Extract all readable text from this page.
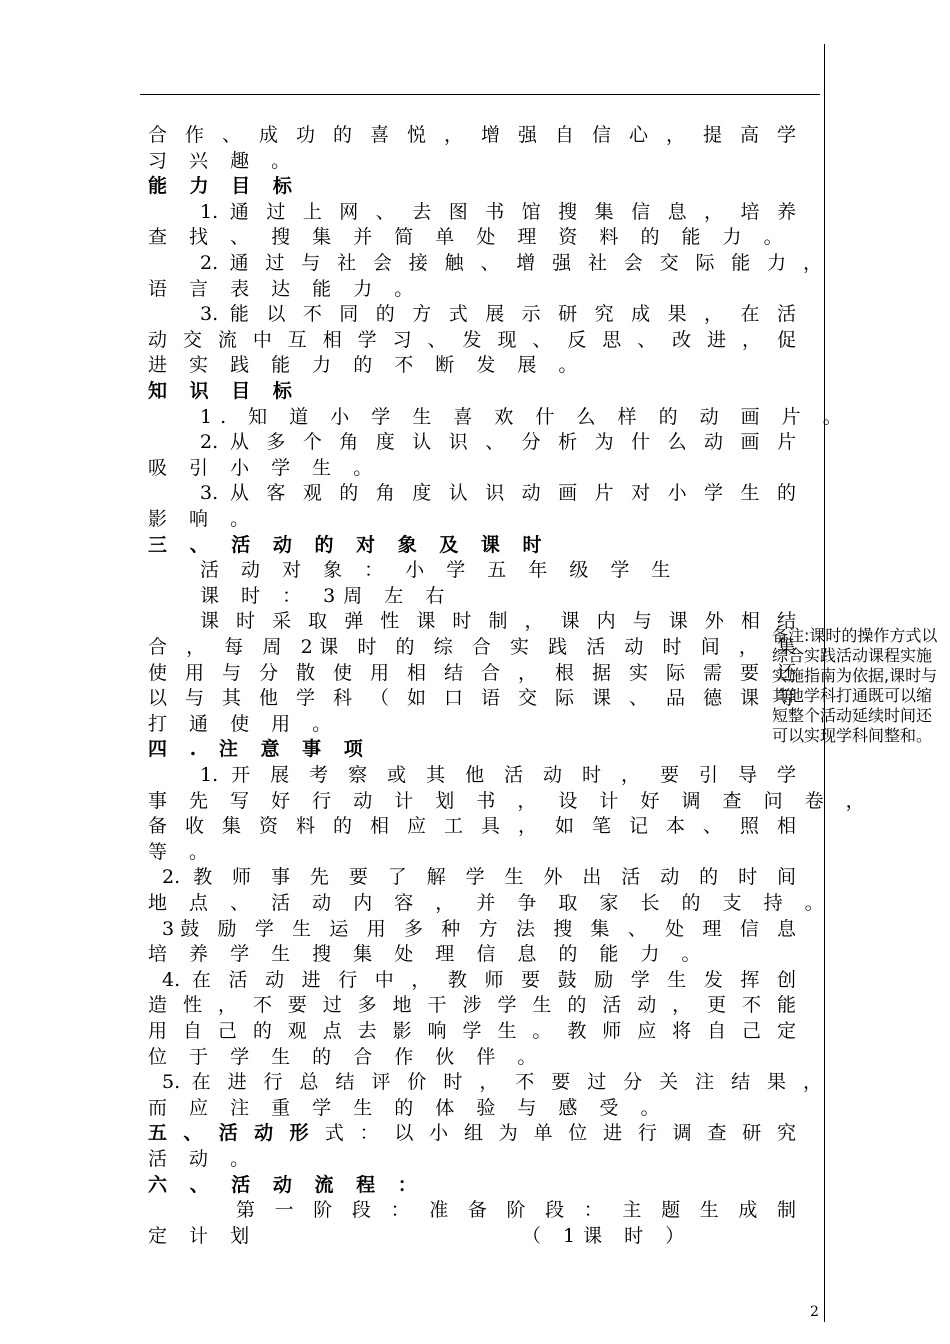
合 作 、 成 功 的 喜 悦 ， 增 强 自 信 心 ， 提 高 学
习 兴 趣 。
能 力 目 标
1. 通 过 上 网 、 去 图 书 馆 搜 集 信 息 ， 培 养
查 找 、 搜 集 并 简 单 处 理 资 料 的 能 力 。
2. 通 过 与 社 会 接 触 、 增 强 社 会 交 际 能 力 ，
语 言 表 达 能 力 。
3. 能 以 不 同 的 方 式 展 示 研 究 成 果 ， 在 活
动 交 流 中 互 相 学 习 、 发 现 、 反 思 、 改 进 ， 促
进 实 践 能 力 的 不 断 发 展 。
知 识 目 标
1. 知 道 小 学 生 喜 欢 什 么 样 的 动 画 片 。
2. 从 多 个 角 度 认 识 、 分 析 为 什 么 动 画 片
吸 引 小 学 生 。
3. 从 客 观 的 角 度 认 识 动 画 片 对 小 学 生 的
影 响 。
三 、 活 动 的 对 象 及 课 时
活 动 对 象 ： 小 学 五 年 级 学 生
课 时 ： 3周 左 右
课 时 采 取 弹 性 课 时 制 ， 课 内 与 课 外 相 结
合 ， 每 周 2课 时 的 综 合 实 践 活 动 时 间 ， 集
使 用 与 分 散 使 用 相 结 合 ， 根 据 实 际 需 要 还
以 与 其 他 学 科 （ 如 口 语 交 际 课 、 品 德 课 等
打 通 使 用 。
四 . 注 意 事 项
1. 开 展 考 察 或 其 他 活 动 时 ， 要 引 导 学
事 先 写 好 行 动 计 划 书 ， 设 计 好 调 查 问 卷 ，
备 收 集 资 料 的 相 应 工 具 ， 如 笔 记 本 、 照 相
等 。
2. 教 师 事 先 要 了 解 学 生 外 出 活 动 的 时 间
地 点 、 活 动 内 容 ， 并 争 取 家 长 的 支 持 。
3鼓 励 学 生 运 用 多 种 方 法 搜 集 、 处 理 信 息
培 养 学 生 搜 集 处 理 信 息 的 能 力 。
4. 在 活 动 进 行 中 ， 教 师 要 鼓 励 学 生 发 挥 创
造 性 ， 不 要 过 多 地 干 涉 学 生 的 活 动 ， 更 不 能
用 自 己 的 观 点 去 影 响 学 生 。 教 师 应 将 自 己 定
位 于 学 生 的 合 作 伙 伴 。
5. 在 进 行 总 结 评 价 时 ， 不 要 过 分 关 注 结 果 ，
而 应 注 重 学 生 的 体 验 与 感 受 。
五 、 活 动 形 式 ： 以 小 组 为 单 位 进 行 调 查 研 究
活 动 。
六 、 活 动 流 程 ：
第 一 阶 段 ： 准 备 阶 段 ： 主 题 生 成 制
定 计 划	（ 1课 时 ）
备注:课时的操作方式以综合实践活动课程实施实施指南为依据,课时与其他学科打通既可以缩短整个活动延续时间还可以实现学科间整和。
2
